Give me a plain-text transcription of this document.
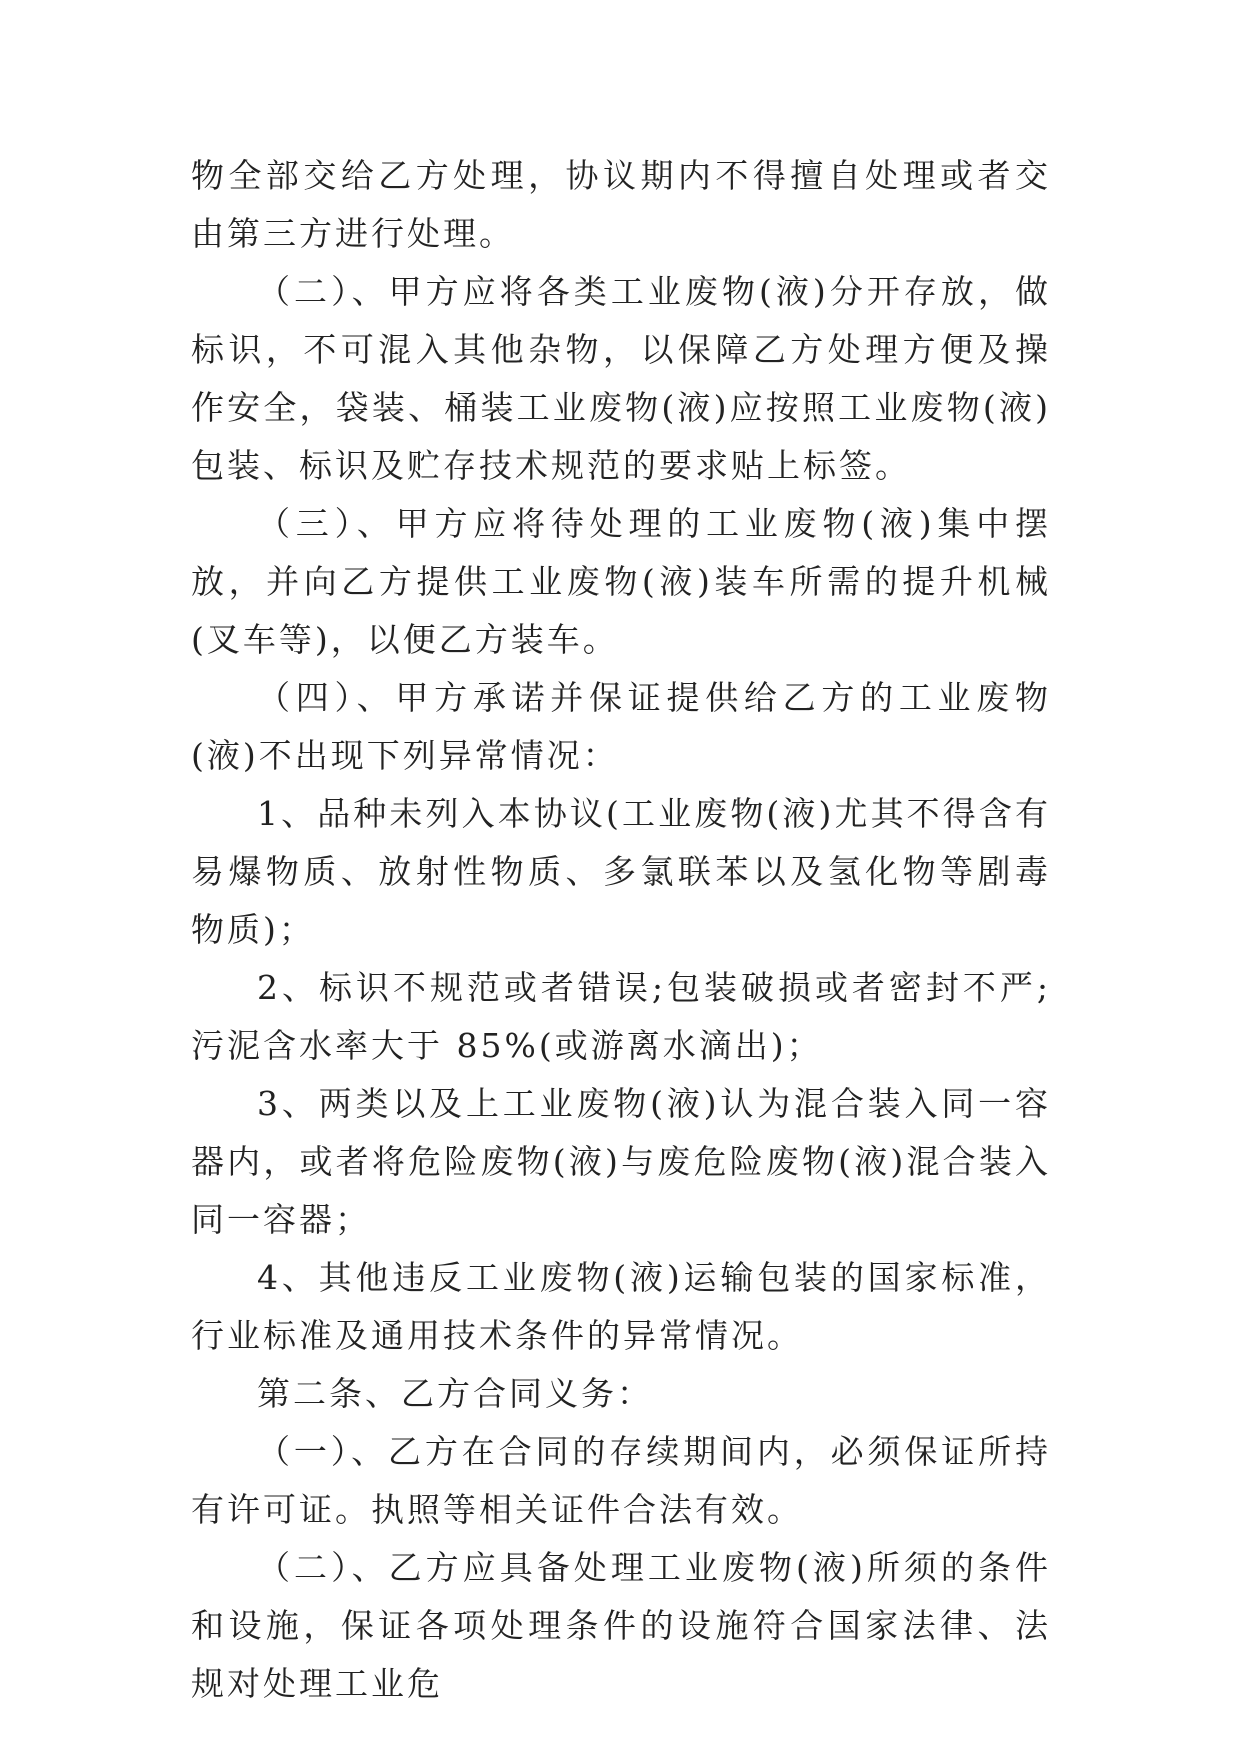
物全部交给乙方处理，协议期内不得擅自处理或者交由第三方进行处理。

（二）、甲方应将各类工业废物(液)分开存放，做标识，不可混入其他杂物，以保障乙方处理方便及操作安全，袋装、桶装工业废物(液)应按照工业废物(液)包装、标识及贮存技术规范的要求贴上标签。

（三）、甲方应将待处理的工业废物(液)集中摆放，并向乙方提供工业废物(液)装车所需的提升机械(叉车等)，以便乙方装车。

（四）、甲方承诺并保证提供给乙方的工业废物(液)不出现下列异常情况：

1、品种未列入本协议(工业废物(液)尤其不得含有易爆物质、放射性物质、多氯联苯以及氢化物等剧毒物质)；

2、标识不规范或者错误;包装破损或者密封不严;污泥含水率大于 85%(或游离水滴出)；

3、两类以及上工业废物(液)认为混合装入同一容器内，或者将危险废物(液)与废危险废物(液)混合装入同一容器；

4、其他违反工业废物(液)运输包装的国家标准，行业标准及通用技术条件的异常情况。

第二条、乙方合同义务：

（一）、乙方在合同的存续期间内，必须保证所持有许可证。执照等相关证件合法有效。

（二）、乙方应具备处理工业废物(液)所须的条件和设施，保证各项处理条件的设施符合国家法律、法规对处理工业危
